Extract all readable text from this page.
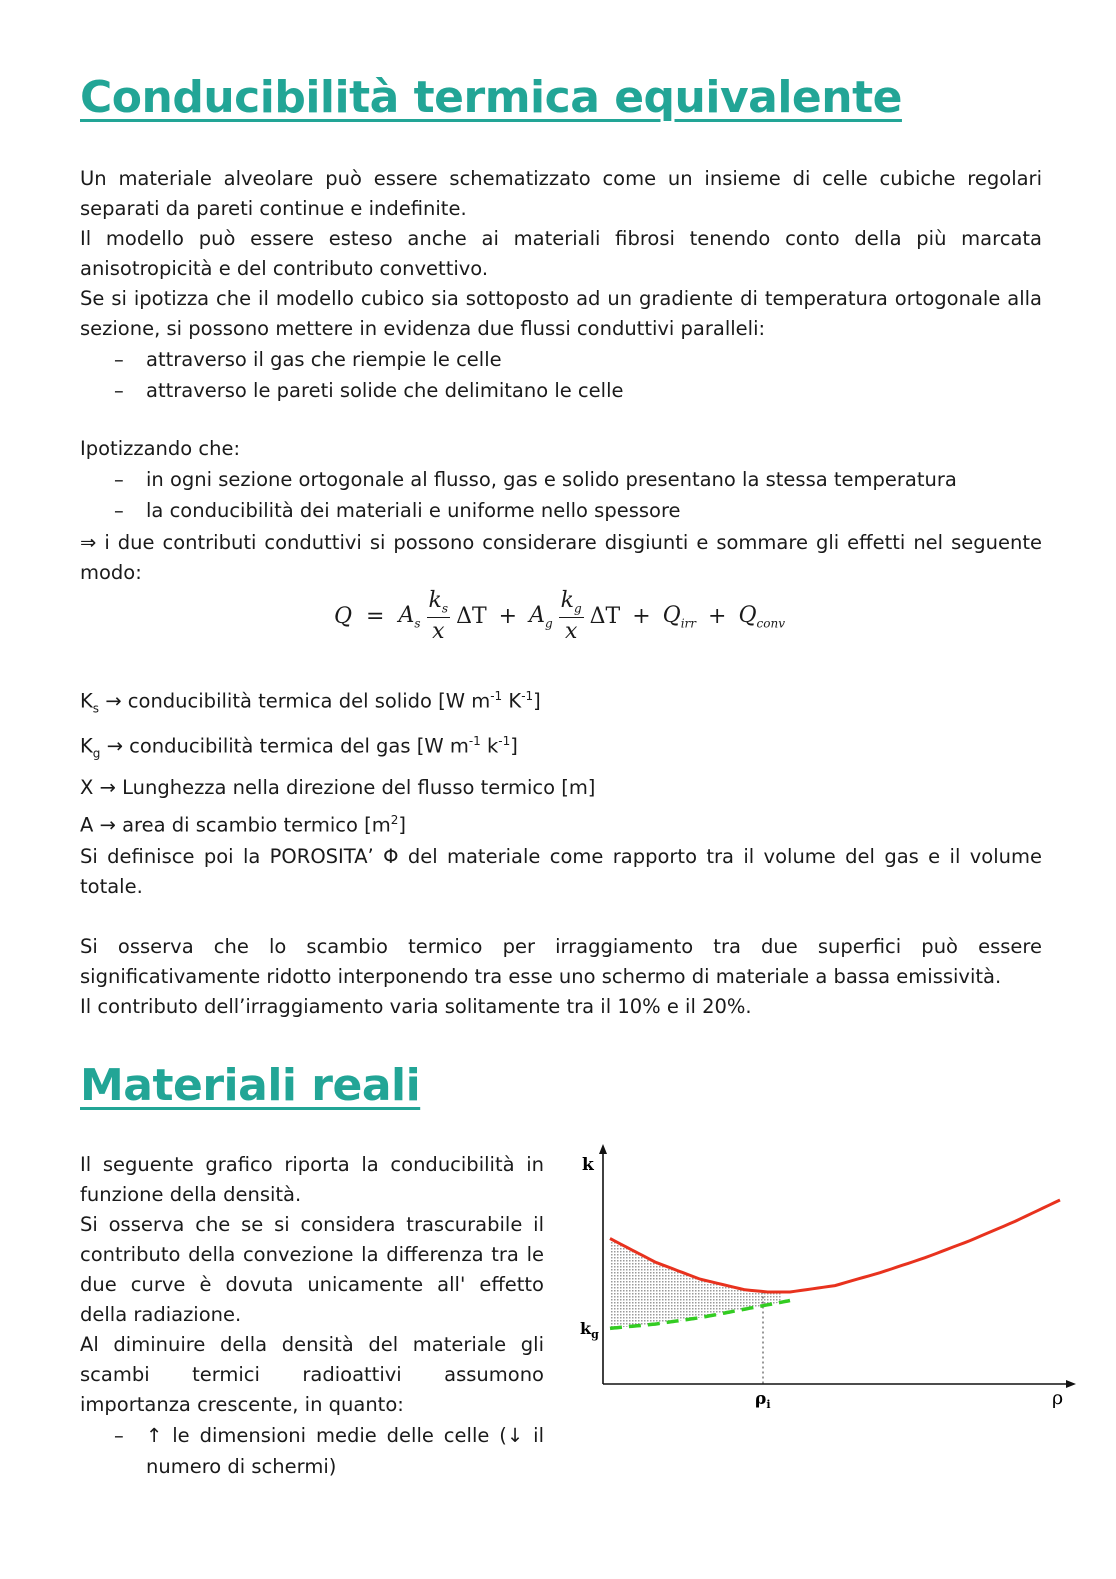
Conducibilità termica equivalente

Un materiale alveolare può essere schematizzato come un insieme di celle cubiche regolari separati da pareti continue e indefinite.

Il modello può essere esteso anche ai materiali fibrosi tenendo conto della più marcata anisotropicità e del contributo convettivo.

Se si ipotizza che il modello cubico sia sottoposto ad un gradiente di temperatura ortogonale alla sezione, si possono mettere in evidenza due flussi conduttivi paralleli:

– attraverso il gas che riempie le celle
– attraverso le pareti solide che delimitano le celle

Ipotizzando che:

– in ogni sezione ortogonale al flusso, gas e solido presentano la stessa temperatura
– la conducibilità dei materiali e uniforme nello spessore

⇒ i due contributi conduttivi si possono considerare disgiunti e sommare gli effetti nel seguente modo:

$Q = A_s \frac{k_s}{x}$ $\Delta T + A_g \frac{k_g}{x}$ $\Delta T + Q_{irr} + Q_{conv}$

$K_s$ → conducibilità termica del solido [W $m^{-1}$ $K^{-1}$]

$K_g$ → conducibilità termica del gas [W $m^{-1}$ $k^{-1}$]

X → Lunghezza nella direzione del flusso termico [m]

A → area di scambio termico $[m^2]$

Si definisce poi la POROSITA’ Φ del materiale come rapporto tra il volume del gas e il volume totale.

Si osserva che lo scambio termico per irraggiamento tra due superfici può essere significativamente ridotto interponendo tra esse uno schermo di materiale a bassa emissività.

Il contributo dell’irraggiamento varia solitamente tra il 10% e il 20%.

Materiali reali

Il seguente grafico riporta la conducibilità in funzione della densità.

Si osserva che se si considera trascurabile il contributo della convezione la differenza tra le due curve è dovuta unicamente all' effetto della radiazione.

Al diminuire della densità del materiale gli scambi termici radioattivi assumono importanza crescente, in quanto:

– ↑ le dimensioni medie delle celle (↓ il numero di schermi)
k
$k_g$
$\rho_i$	ρ
